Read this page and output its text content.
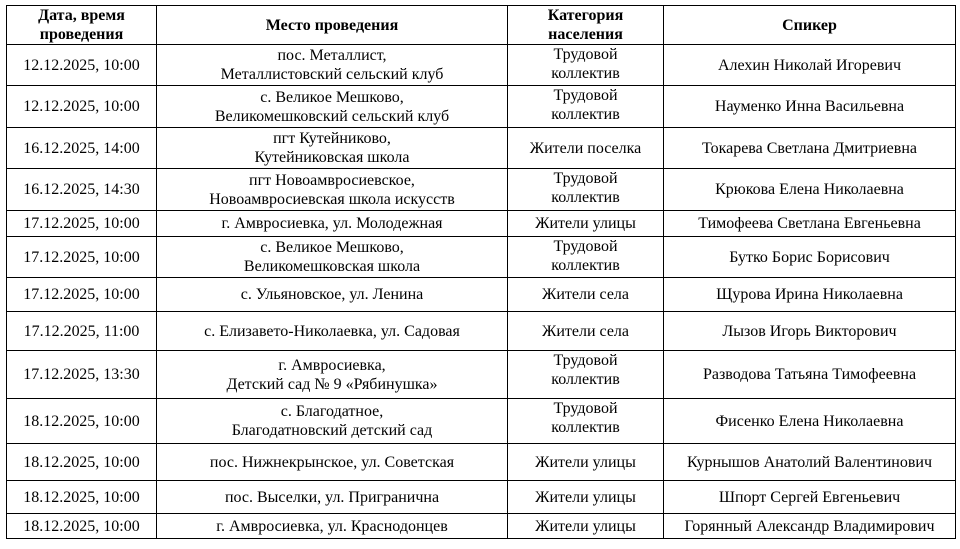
Дата, время
проведения	Место проведения	Категория
населения	Спикер
12.12.2025, 10:00	пос. Металлист,
Металлистовский сельский клуб	Трудовой
коллектив	Алехин Николай Игоревич
12.12.2025, 10:00	с. Великое Мешково,
Великомешковский сельский клуб	Трудовой
коллектив	Науменко Инна Васильевна
16.12.2025, 14:00	пгт Кутейниково,
Кутейниковская школа	Жители поселка	Токарева Светлана Дмитриевна
16.12.2025, 14:30	пгт Новоамвросиевское,
Новоамвросиевская школа искусств	Трудовой
коллектив	Крюкова Елена Николаевна
17.12.2025, 10:00	г. Амвросиевка, ул. Молодежная	Жители улицы	Тимофеева Светлана Евгеньевна
17.12.2025, 10:00	с. Великое Мешково,
Великомешковская школа	Трудовой
коллектив	Бутко Борис Борисович
17.12.2025, 10:00	с. Ульяновское, ул. Ленина	Жители села	Щурова Ирина Николаевна
17.12.2025, 11:00	с. Елизавето-Николаевка, ул. Садовая	Жители села	Лызов Игорь Викторович
17.12.2025, 13:30	г. Амвросиевка,
Детский сад № 9 «Рябинушка»	Трудовой
коллектив	Разводова Татьяна Тимофеевна
18.12.2025, 10:00	с. Благодатное,
Благодатновский детский сад	Трудовой
коллектив	Фисенко Елена Николаевна
18.12.2025, 10:00	пос. Нижнекрынское, ул. Советская	Жители улицы	Курнышов Анатолий Валентинович
18.12.2025, 10:00	пос. Выселки, ул. Пригранична	Жители улицы	Шпорт Сергей Евгеньевич
18.12.2025, 10:00	г. Амвросиевка, ул. Краснодонцев	Жители улицы	Горянный Александр Владимирович
